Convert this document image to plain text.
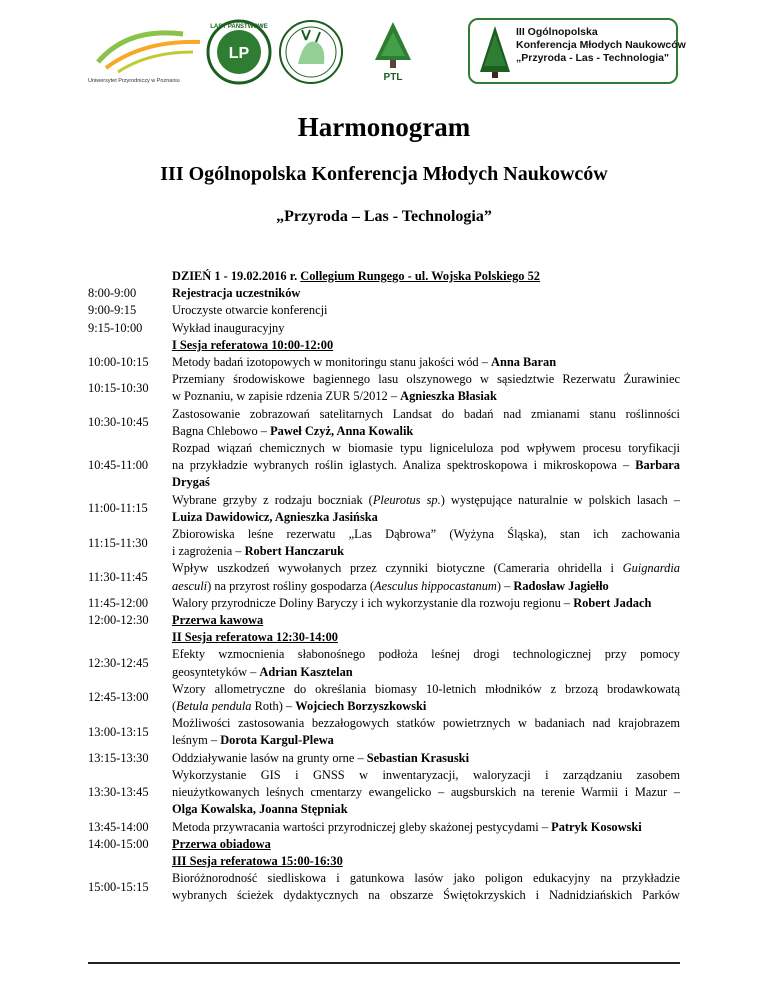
Uniwersytet Przyrodniczy w Poznaniu
LP
LASY PAŃSTWOWE
PTL
III Ogólnopolska
Konferencja Młodych Naukowców
„Przyroda - Las - Technologia"
Harmonogram
III Ogólnopolska Konferencja Młodych Naukowców
„Przyroda – Las - Technologia”
DZIEŃ 1 - 19.02.2016 r. Collegium Rungego - ul. Wojska Polskiego 52
8:00-9:00	Rejestracja uczestników
9:00-9:15	Uroczyste otwarcie konferencji
9:15-10:00	Wykład inauguracyjny
I Sesja referatowa 10:00-12:00
10:00-10:15	Metody badań izotopowych w monitoringu stanu jakości wód – Anna Baran
10:15-10:30
Przemiany środowiskowe bagiennego lasu olszynowego w sąsiedztwie Rezerwatu Żurawiniec
w Poznaniu, w zapisie rdzenia ZUR 5/2012 – Agnieszka Błasiak
10:30-10:45
Zastosowanie zobrazowań satelitarnych Landsat do badań nad zmianami stanu roślinności
Bagna Chlebowo – Paweł Czyż, Anna Kowalik
10:45-11:00
Rozpad wiązań chemicznych w biomasie typu ligniceluloza pod wpływem procesu toryfikacji
na przykładzie wybranych roślin iglastych. Analiza spektroskopowa i mikroskopowa – Barbara
Drygaś
11:00-11:15
Wybrane grzyby z rodzaju boczniak (Pleurotus sp.) występujące naturalnie w polskich lasach –
Luiza Dawidowicz, Agnieszka Jasińska
11:15-11:30
Zbiorowiska leśne rezerwatu „Las Dąbrowa” (Wyżyna Śląska), stan ich zachowania
i zagrożenia – Robert Hanczaruk
11:30-11:45
Wpływ uszkodzeń wywołanych przez czynniki biotyczne (Cameraria ohridella i Guignardia
aesculi) na przyrost rośliny gospodarza (Aesculus hippocastanum) – Radosław Jagiełło
11:45-12:00	Walory przyrodnicze Doliny Baryczy i ich wykorzystanie dla rozwoju regionu – Robert Jadach
12:00-12:30	Przerwa kawowa
II Sesja referatowa 12:30-14:00
12:30-12:45
Efekty wzmocnienia słabonośnego podłoża leśnej drogi technologicznej przy pomocy
geosyntetyków – Adrian Kasztelan
12:45-13:00
Wzory allometryczne do określania biomasy 10-letnich młodników z brzozą brodawkowatą
(Betula pendula Roth) – Wojciech Borzyszkowski
13:00-13:15
Możliwości zastosowania bezzałogowych statków powietrznych w badaniach nad krajobrazem
leśnym – Dorota Kargul-Plewa
13:15-13:30	Oddziaływanie lasów na grunty orne – Sebastian Krasuski
13:30-13:45
Wykorzystanie GIS i GNSS w inwentaryzacji, waloryzacji i zarządzaniu zasobem
nieużytkowanych leśnych cmentarzy ewangelicko – augsburskich na terenie Warmii i Mazur –
Olga Kowalska, Joanna Stępniak
13:45-14:00	Metoda przywracania wartości przyrodniczej gleby skażonej pestycydami – Patryk Kosowski
14:00-15:00	Przerwa obiadowa
III Sesja referatowa 15:00-16:30
15:00-15:15
Bioróżnorodność siedliskowa i gatunkowa lasów jako poligon edukacyjny na przykładzie
wybranych ścieżek dydaktycznych na obszarze Świętokrzyskich i Nadnidziańskich Parków
